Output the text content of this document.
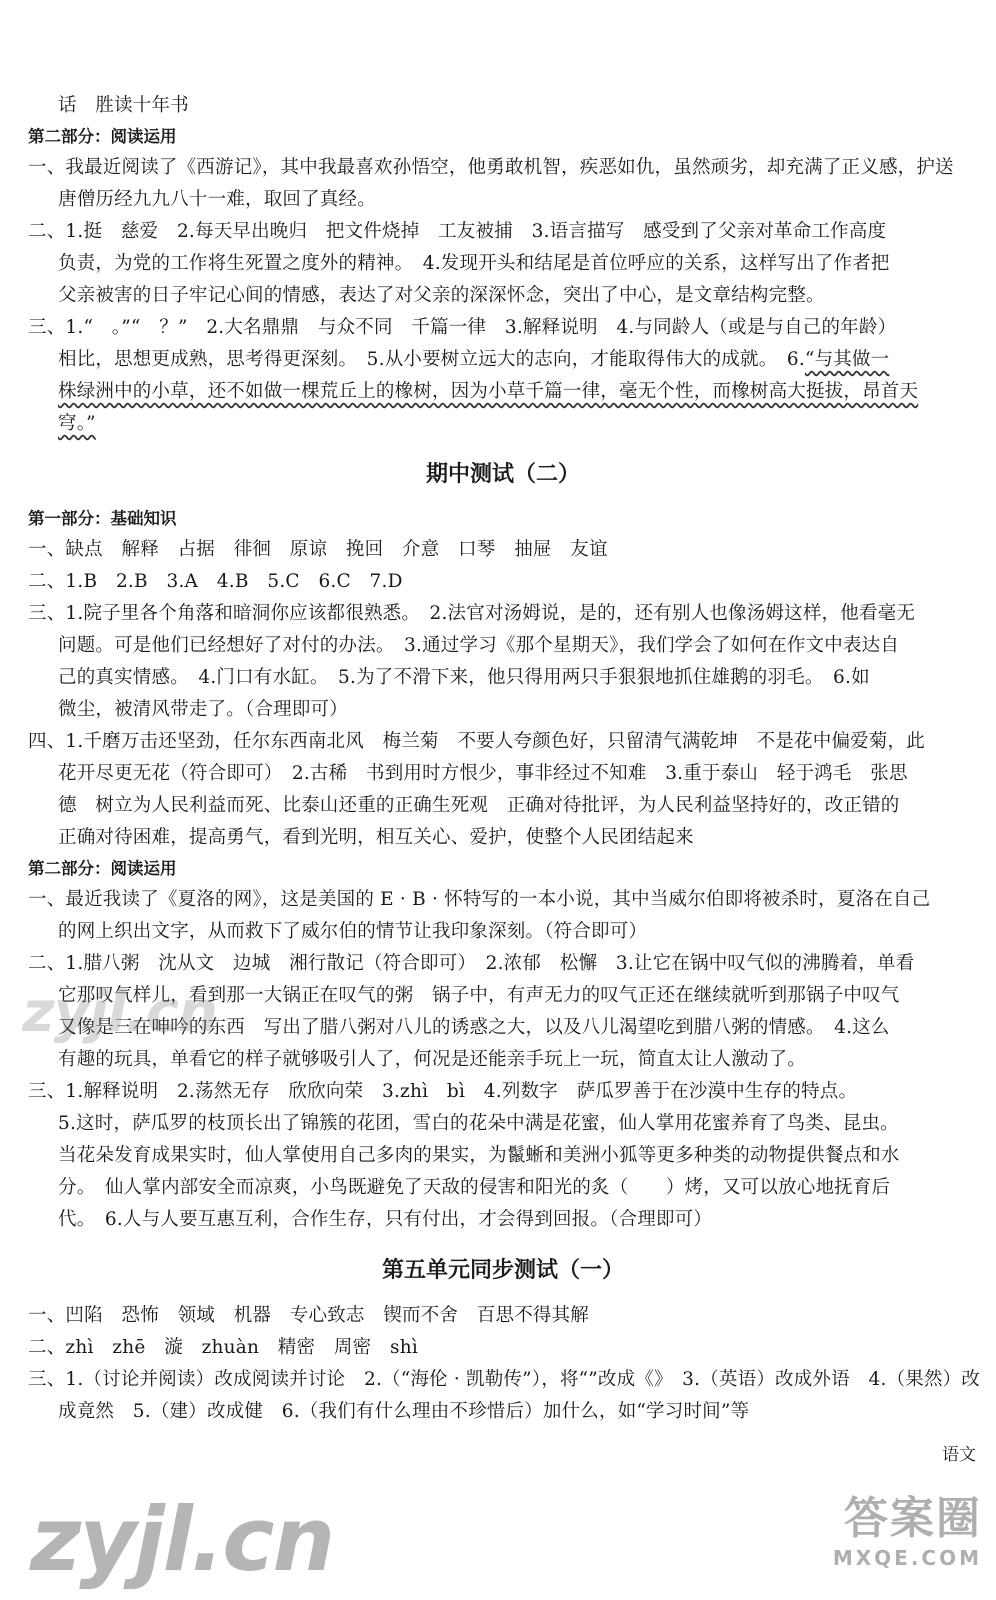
话　胜读十年书
第二部分：阅读运用
一、我最近阅读了《西游记》，其中我最喜欢孙悟空，他勇敢机智，疾恶如仇，虽然顽劣，却充满了正义感，护送
唐僧历经九九八十一难，取回了真经。
二、1.挺　慈爱　2.每天早出晚归　把文件烧掉　工友被捕　3.语言描写　感受到了父亲对革命工作高度
负责，为党的工作将生死置之度外的精神。　4.发现开头和结尾是首位呼应的关系，这样写出了作者把
父亲被害的日子牢记心间的情感，表达了对父亲的深深怀念，突出了中心，是文章结构完整。
三、1.“　。”“　？”　2.大名鼎鼎　与众不同　千篇一律　3.解释说明　4.与同龄人（或是与自己的年龄）
相比，思想更成熟，思考得更深刻。　5.从小要树立远大的志向，才能取得伟大的成就。　6.“与其做一
株绿洲中的小草，还不如做一棵荒丘上的橡树，因为小草千篇一律，毫无个性，而橡树高大挺拔，昂首天
穹。”
期中测试（二）
第一部分：基础知识
一、缺点　解释　占据　徘徊　原谅　挽回　介意　口琴　抽屉　友谊
二、1.B　2.B　3.A　4.B　5.C　6.C　7.D
三、1.院子里各个角落和暗洞你应该都很熟悉。　2.法官对汤姆说，是的，还有别人也像汤姆这样，他看毫无
问题。可是他们已经想好了对付的办法。　3.通过学习《那个星期天》，我们学会了如何在作文中表达自
己的真实情感。　4.门口有水缸。　5.为了不滑下来，他只得用两只手狠狠地抓住雄鹅的羽毛。　6.如
微尘，被清风带走了。（合理即可）
四、1.千磨万击还坚劲，任尔东西南北风　梅兰菊　不要人夸颜色好，只留清气满乾坤　不是花中偏爱菊，此
花开尽更无花（符合即可）　2.古稀　书到用时方恨少，事非经过不知难　3.重于泰山　轻于鸿毛　张思
德　树立为人民利益而死、比泰山还重的正确生死观　正确对待批评，为人民利益坚持好的，改正错的
正确对待困难，提高勇气，看到光明，相互关心、爱护，使整个人民团结起来
第二部分：阅读运用
一、最近我读了《夏洛的网》，这是美国的 E · B · 怀特写的一本小说，其中当威尔伯即将被杀时，夏洛在自己
的网上织出文字，从而救下了威尔伯的情节让我印象深刻。（符合即可）
二、1.腊八粥　沈从文　边城　湘行散记（符合即可）　2.浓郁　松懈　3.让它在锅中叹气似的沸腾着，单看
它那叹气样儿，看到那一大锅正在叹气的粥　锅子中，有声无力的叹气正还在继续就听到那锅子中叹气
又像是三在呻吟的东西　写出了腊八粥对八儿的诱惑之大，以及八儿渴望吃到腊八粥的情感。　4.这么
有趣的玩具，单看它的样子就够吸引人了，何况是还能亲手玩上一玩，简直太让人激动了。
三、1.解释说明　2.荡然无存　欣欣向荣　3.zhì　bì　4.列数字　萨瓜罗善于在沙漠中生存的特点。
5.这时，萨瓜罗的枝顶长出了锦簇的花团，雪白的花朵中满是花蜜，仙人掌用花蜜养育了鸟类、昆虫。
当花朵发育成果实时，仙人掌使用自己多肉的果实，为鬣蜥和美洲小狐等更多种类的动物提供餐点和水
分。　仙人掌内部安全而凉爽，小鸟既避免了天敌的侵害和阳光的炙（　　）烤，又可以放心地抚育后
代。　6.人与人要互惠互利，合作生存，只有付出，才会得到回报。（合理即可）
第五单元同步测试（一）
一、凹陷　恐怖　领域　机器　专心致志　锲而不舍　百思不得其解
二、zhì　zhē　漩　zhuàn　精密　周密　shì
三、1.（讨论并阅读）改成阅读并讨论　2.（“海伦 · 凯勒传”），将“”改成《》　3.（英语）改成外语　4.（果然）改
成竟然　5.（建）改成健　6.（我们有什么理由不珍惜后）加什么，如“学习时间”等
zyjl.cn
zyjl.cn
语文
答案圈
MXQE.COM
